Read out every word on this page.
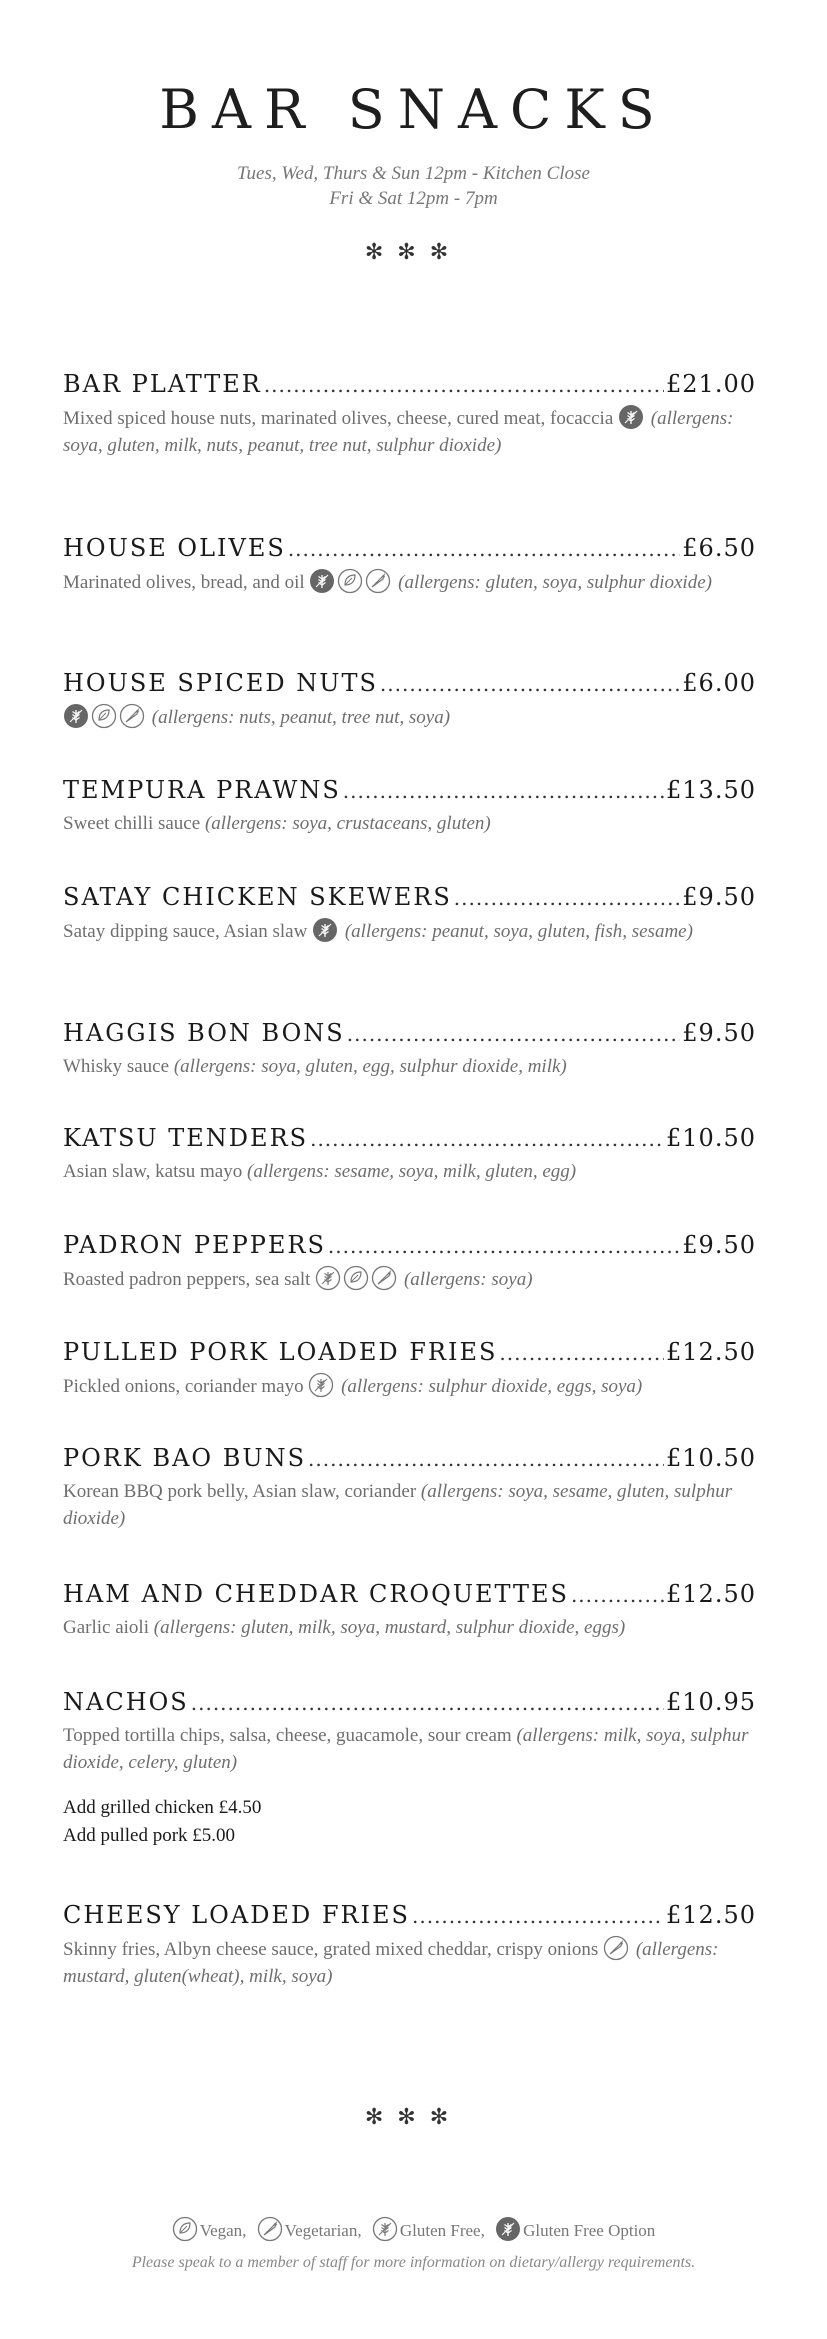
BAR SNACKS
Tues, Wed, Thurs & Sun 12pm - Kitchen Close
Fri & Sat 12pm - 7pm
✻✻✻
BAR PLATTER .....	£21.00
Mixed spiced house nuts, marinated olives, cheese, cured meat, focaccia (allergens: soya, gluten, milk, nuts, peanut, tree nut, sulphur dioxide)
HOUSE OLIVES .....	£6.50
Marinated olives, bread, and oil	(allergens: gluten, soya, sulphur dioxide)
HOUSE SPICED NUTS .....	£6.00
(allergens: nuts, peanut, tree nut, soya)
TEMPURA PRAWNS .....	£13.50
Sweet chilli sauce (allergens: soya, crustaceans, gluten)
SATAY CHICKEN SKEWERS .....	£9.50
Satay dipping sauce, Asian slaw (allergens: peanut, soya, gluten, fish, sesame)
HAGGIS BON BONS .....	£9.50
Whisky sauce (allergens: soya, gluten, egg, sulphur dioxide, milk)
KATSU TENDERS .....	£10.50
Asian slaw, katsu mayo (allergens: sesame, soya, milk, gluten, egg)
PADRON PEPPERS .....	£9.50
Roasted padron peppers, sea salt	(allergens: soya)
PULLED PORK LOADED FRIES .....	£12.50
Pickled onions, coriander mayo (allergens: sulphur dioxide, eggs, soya)
PORK BAO BUNS .....	£10.50
Korean BBQ pork belly, Asian slaw, coriander (allergens: soya, sesame, gluten, sulphur dioxide)
HAM AND CHEDDAR CROQUETTES .....	£12.50
Garlic aioli (allergens: gluten, milk, soya, mustard, sulphur dioxide, eggs)
NACHOS .....	£10.95
Topped tortilla chips, salsa, cheese, guacamole, sour cream (allergens: milk, soya, sulphur dioxide, celery, gluten)
Add grilled chicken £4.50
Add pulled pork £5.00
CHEESY LOADED FRIES .....	£12.50
Skinny fries, Albyn cheese sauce, grated mixed cheddar, crispy onions (allergens: mustard, gluten(wheat), milk, soya)
✻✻✻
Vegan, Vegetarian, Gluten Free, Gluten Free Option
Please speak to a member of staff for more information on dietary/allergy requirements.
